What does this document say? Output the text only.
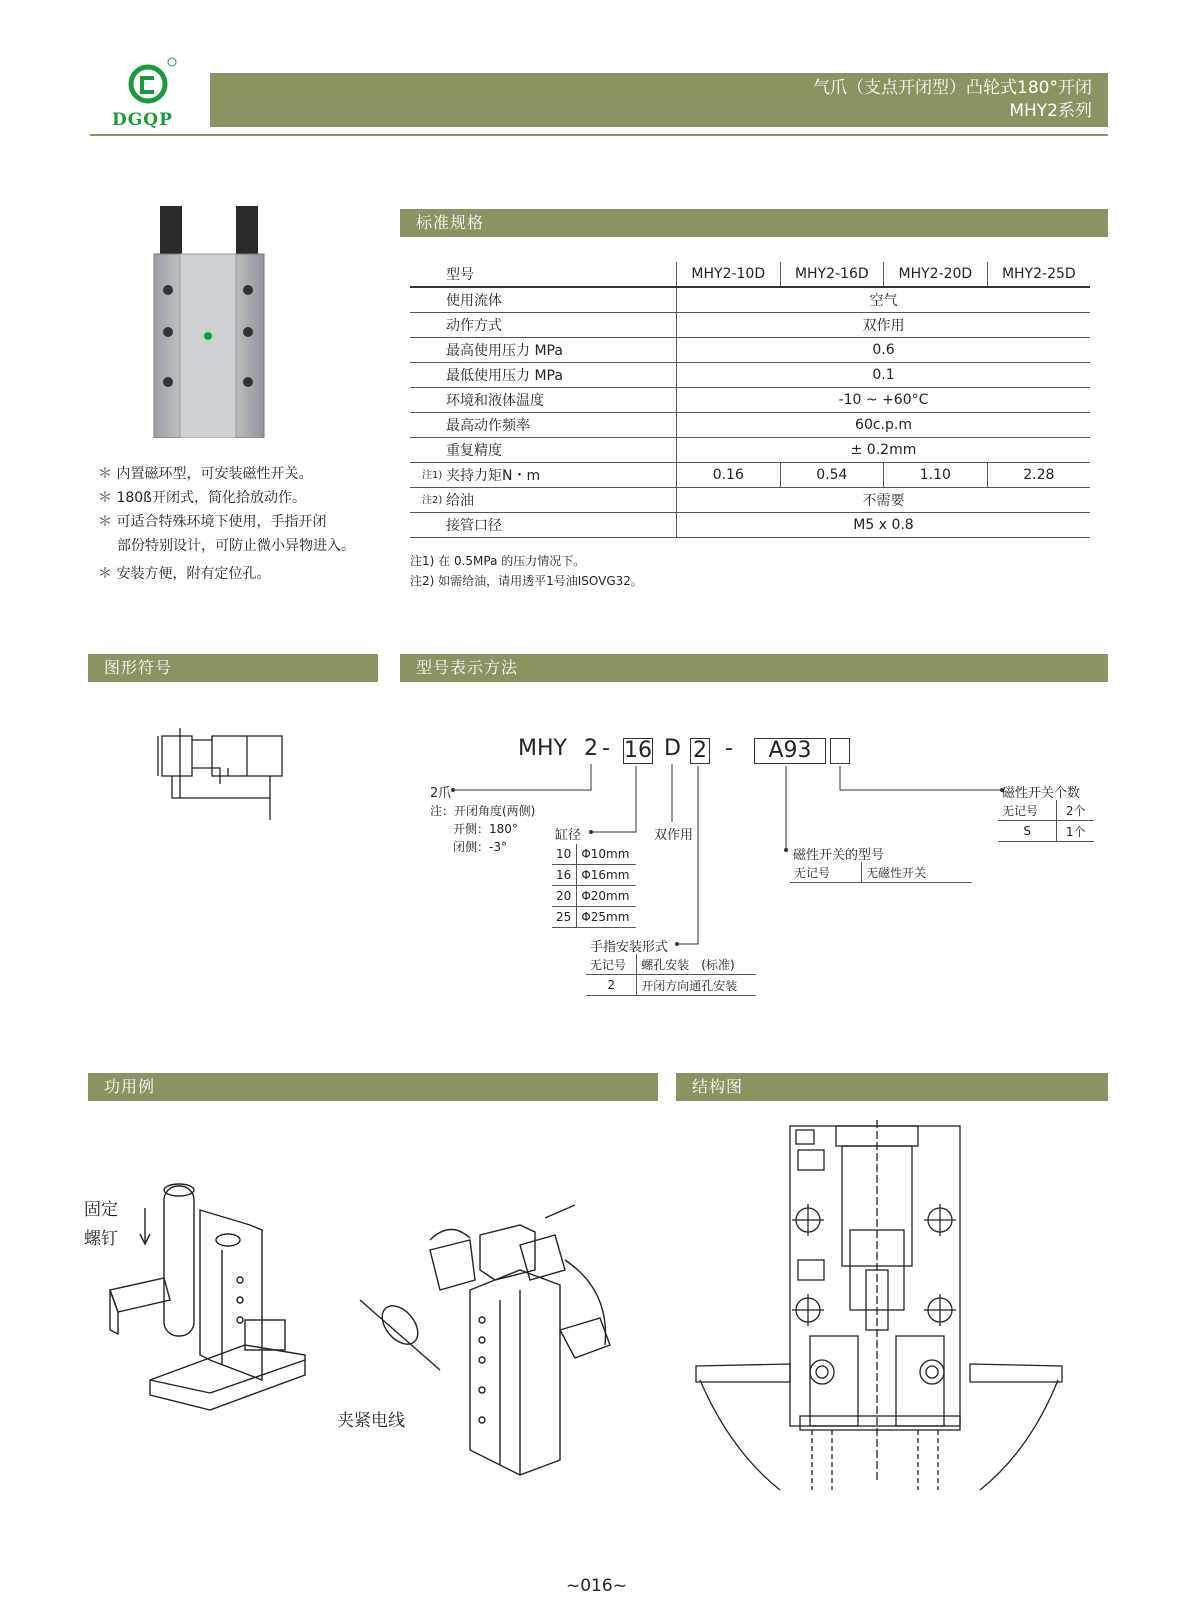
DGQP
气爪（支点开闭型）凸轮式180°开闭
MHY2系列
＊ 内置磁环型，可安装磁性开关。
＊ 180ß开闭式，简化拾放动作。
＊ 可适合特殊环境下使用，手指开闭
部份特别设计，可防止微小异物进入。
＊ 安装方便，附有定位孔。
标准规格
型号	MHY2-10D	MHY2-16D	MHY2-20D	MHY2-25D
使用流体	空气			
动作方式	双作用			
最高使用压力 MPa	0.6			
最低使用压力 MPa	0.1			
环境和液体温度	-10 ~ +60°C			
最高动作频率	60c.p.m			
重复精度	± 0.2mm			

注1) 夹持力矩N・m	0.16	0.54	1.10	2.28

注2) 给油	不需要			
接管口径	M5 x 0.8			
注1) 在 0.5MPa 的压力情况下。
注2) 如需给油，请用透平1号油ISOVG32。
图形符号	型号表示方法
MHY 2 - 16 D 2 -	A93
2爪
注：开闭角度(两侧)
开侧：180°
闭侧：-3°
缸径
10	Φ10mm
16	Φ16mm
20	Φ20mm
25	Φ25mm
双作用
手指安装形式
无记号	螺孔安装　(标准)
2	开闭方向通孔安装
磁性开关的型号
无记号	无磁性开关
磁性开关个数
无记号	2个
S	1个
功用例
固定
螺钉
夹紧电线
结构图
~016~
